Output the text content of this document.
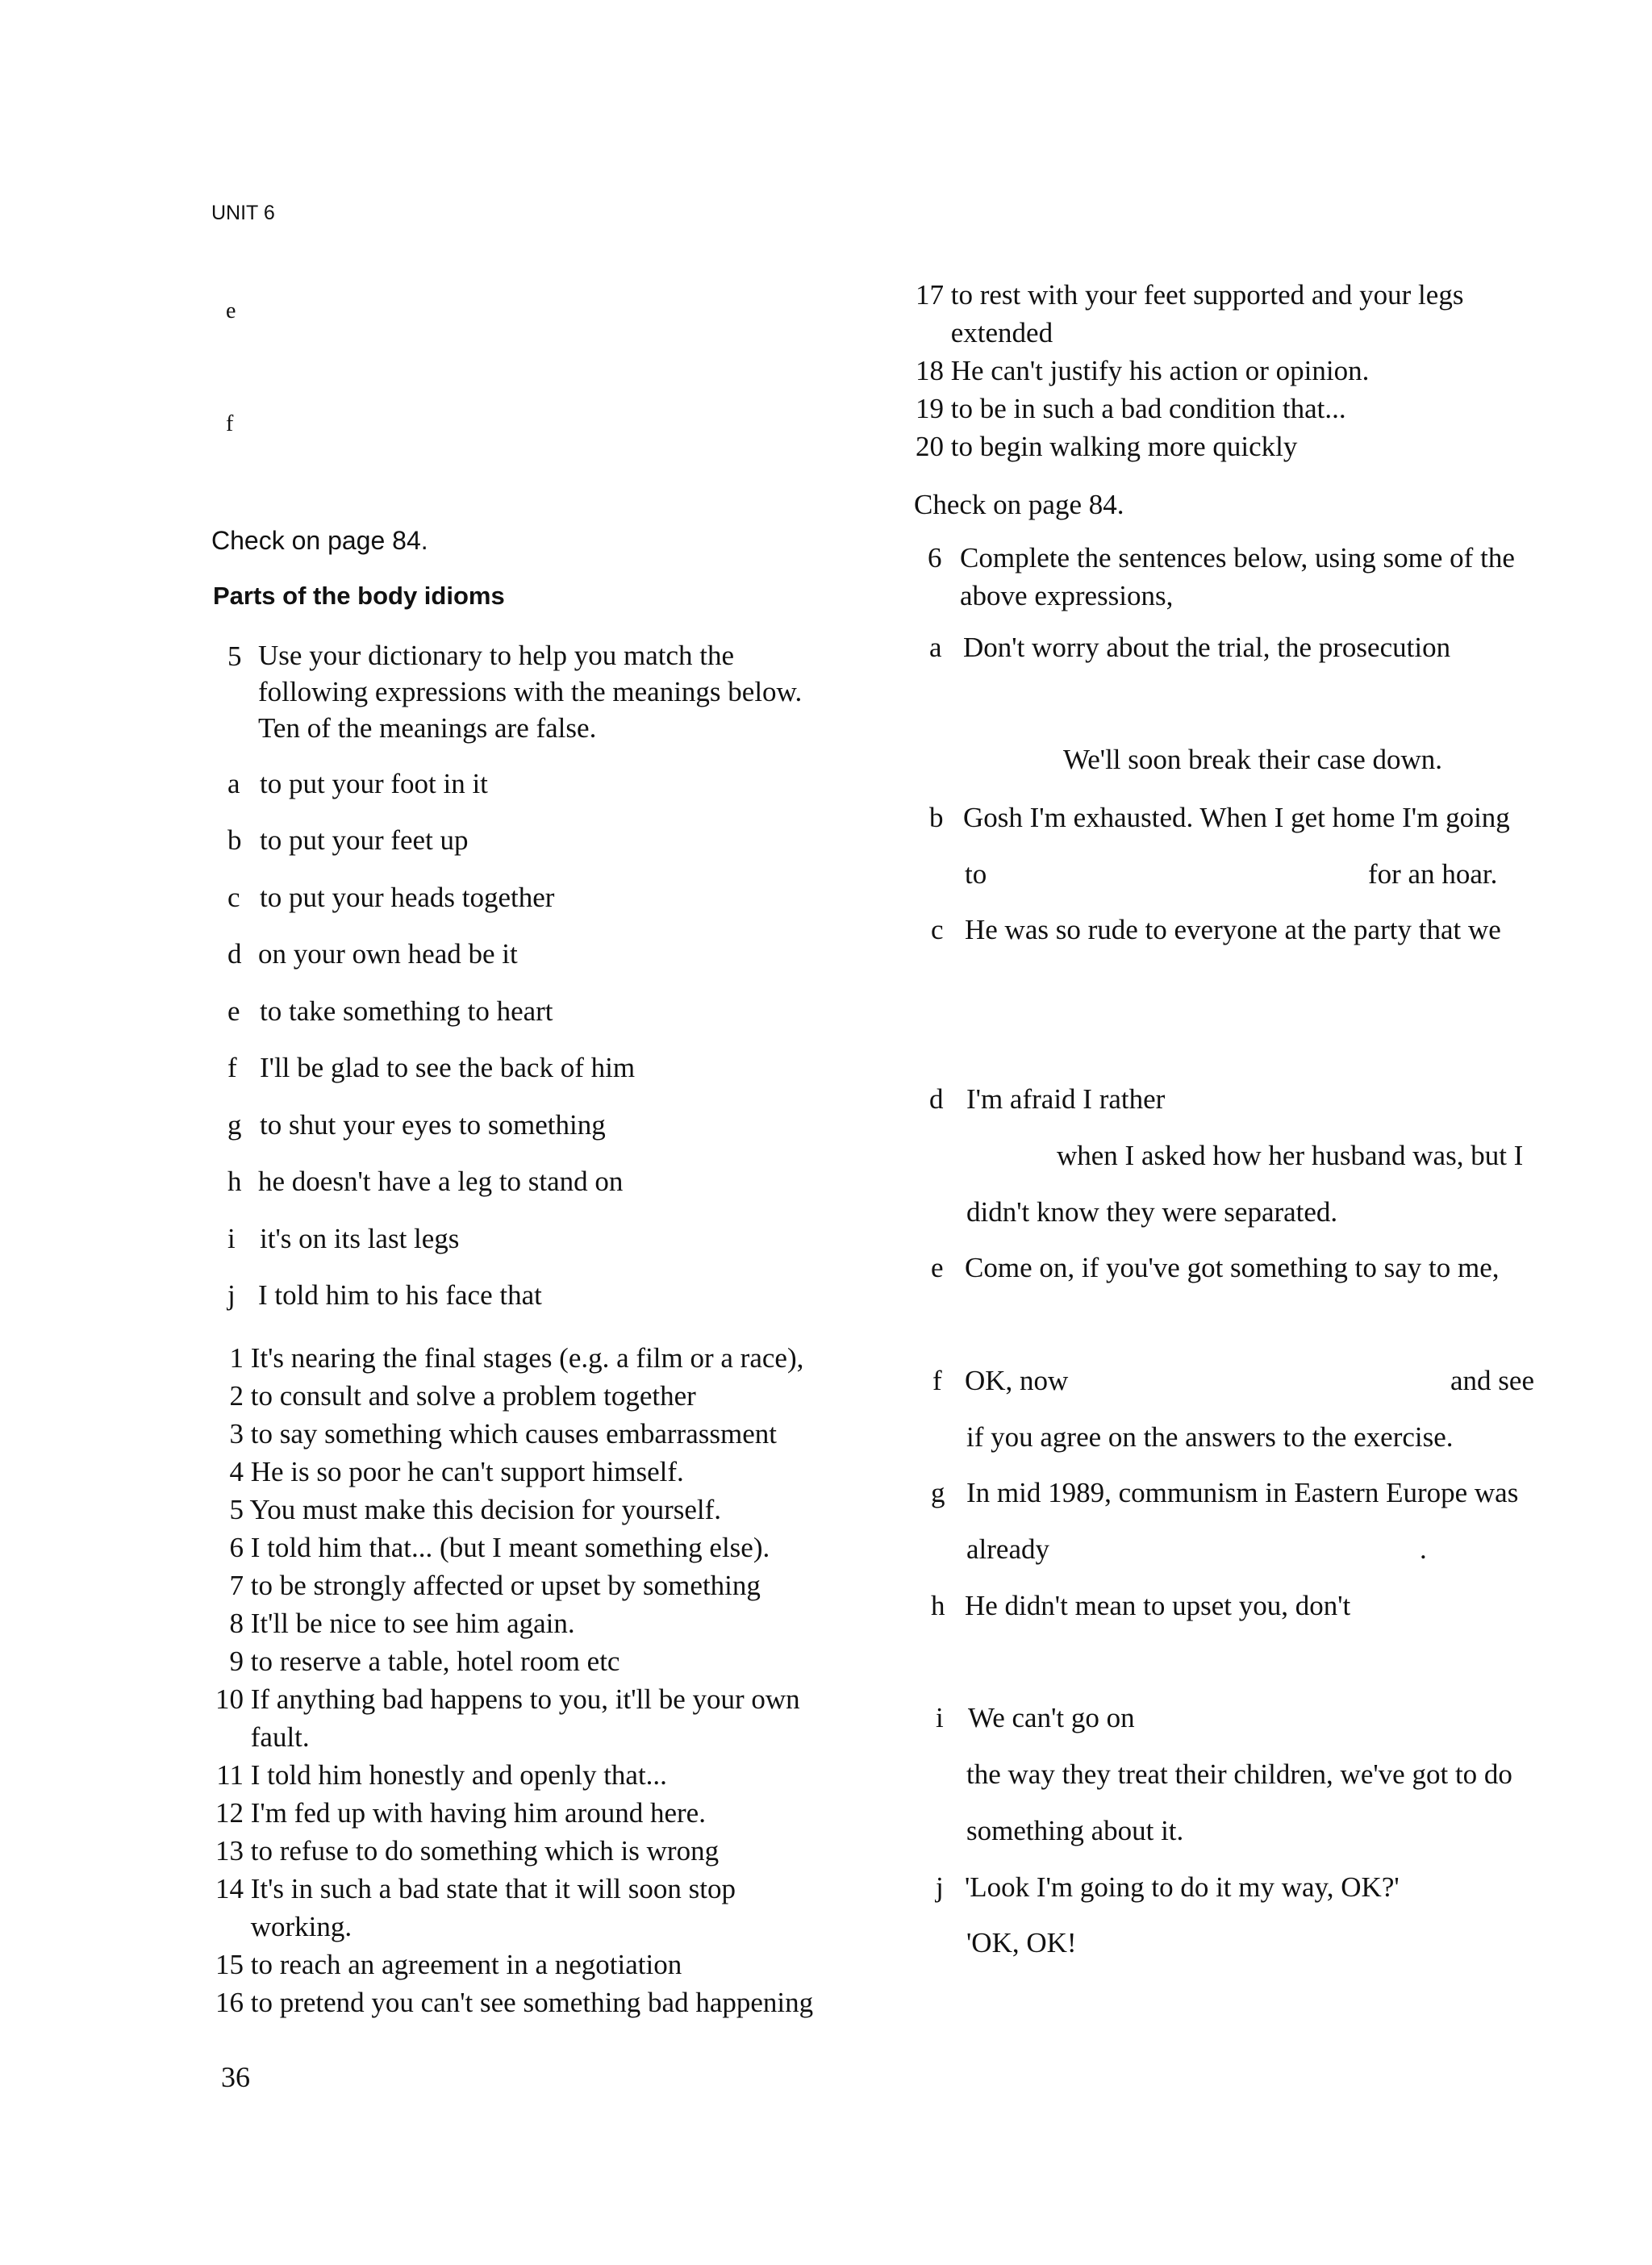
UNIT 6
e
f
Check on page 84.
Parts of the body idioms
5 Use your dictionary to help you match the
following expressions with the meanings below.
Ten of the meanings are false.
a to put your foot in it
b to put your feet up
c to put your heads together
d on your own head be it
e to take something to heart
f I'll be glad to see the back of him
g to shut your eyes to something
h he doesn't have a leg to stand on
i it's on its last legs
j I told him to his face that
1 It's nearing the final stages (e.g. a film or a race),
2 to consult and solve a problem together
3 to say something which causes embarrassment
4 He is so poor he can't support himself.
5 You must make this decision for yourself.
6 I told him that... (but I meant something else).
7 to be strongly affected or upset by something
8 It'll be nice to see him again.
9 to reserve a table, hotel room etc
10 If anything bad happens to you, it'll be your own
fault.
11 I told him honestly and openly that...
12 I'm fed up with having him around here.
13 to refuse to do something which is wrong
14 It's in such a bad state that it will soon stop
working.
15 to reach an agreement in a negotiation
16 to pretend you can't see something bad happening
36
17 to rest with your feet supported and your legs
extended
18 He can't justify his action or opinion.
19 to be in such a bad condition that...
20 to begin walking more quickly
Check on page 84.
6 Complete the sentences below, using some of the
above expressions,
a
b
c
d
e
f
g
h
i
j
Don't worry about the trial, the prosecution
We'll soon break their case down.
Gosh I'm exhausted. When I get home I'm going
to	for an hoar.
He was so rude to everyone at the party that we
I'm afraid I rather
when I asked how her husband was, but I
didn't know they were separated.
Come on, if you've got something to say to me,
OK, now	and see
if you agree on the answers to the exercise.
In mid 1989, communism in Eastern Europe was
already	.
He didn't mean to upset you, don't
We can't go on
the way they treat their children, we've got to do
something about it.
'Look I'm going to do it my way, OK?'
'OK, OK!
